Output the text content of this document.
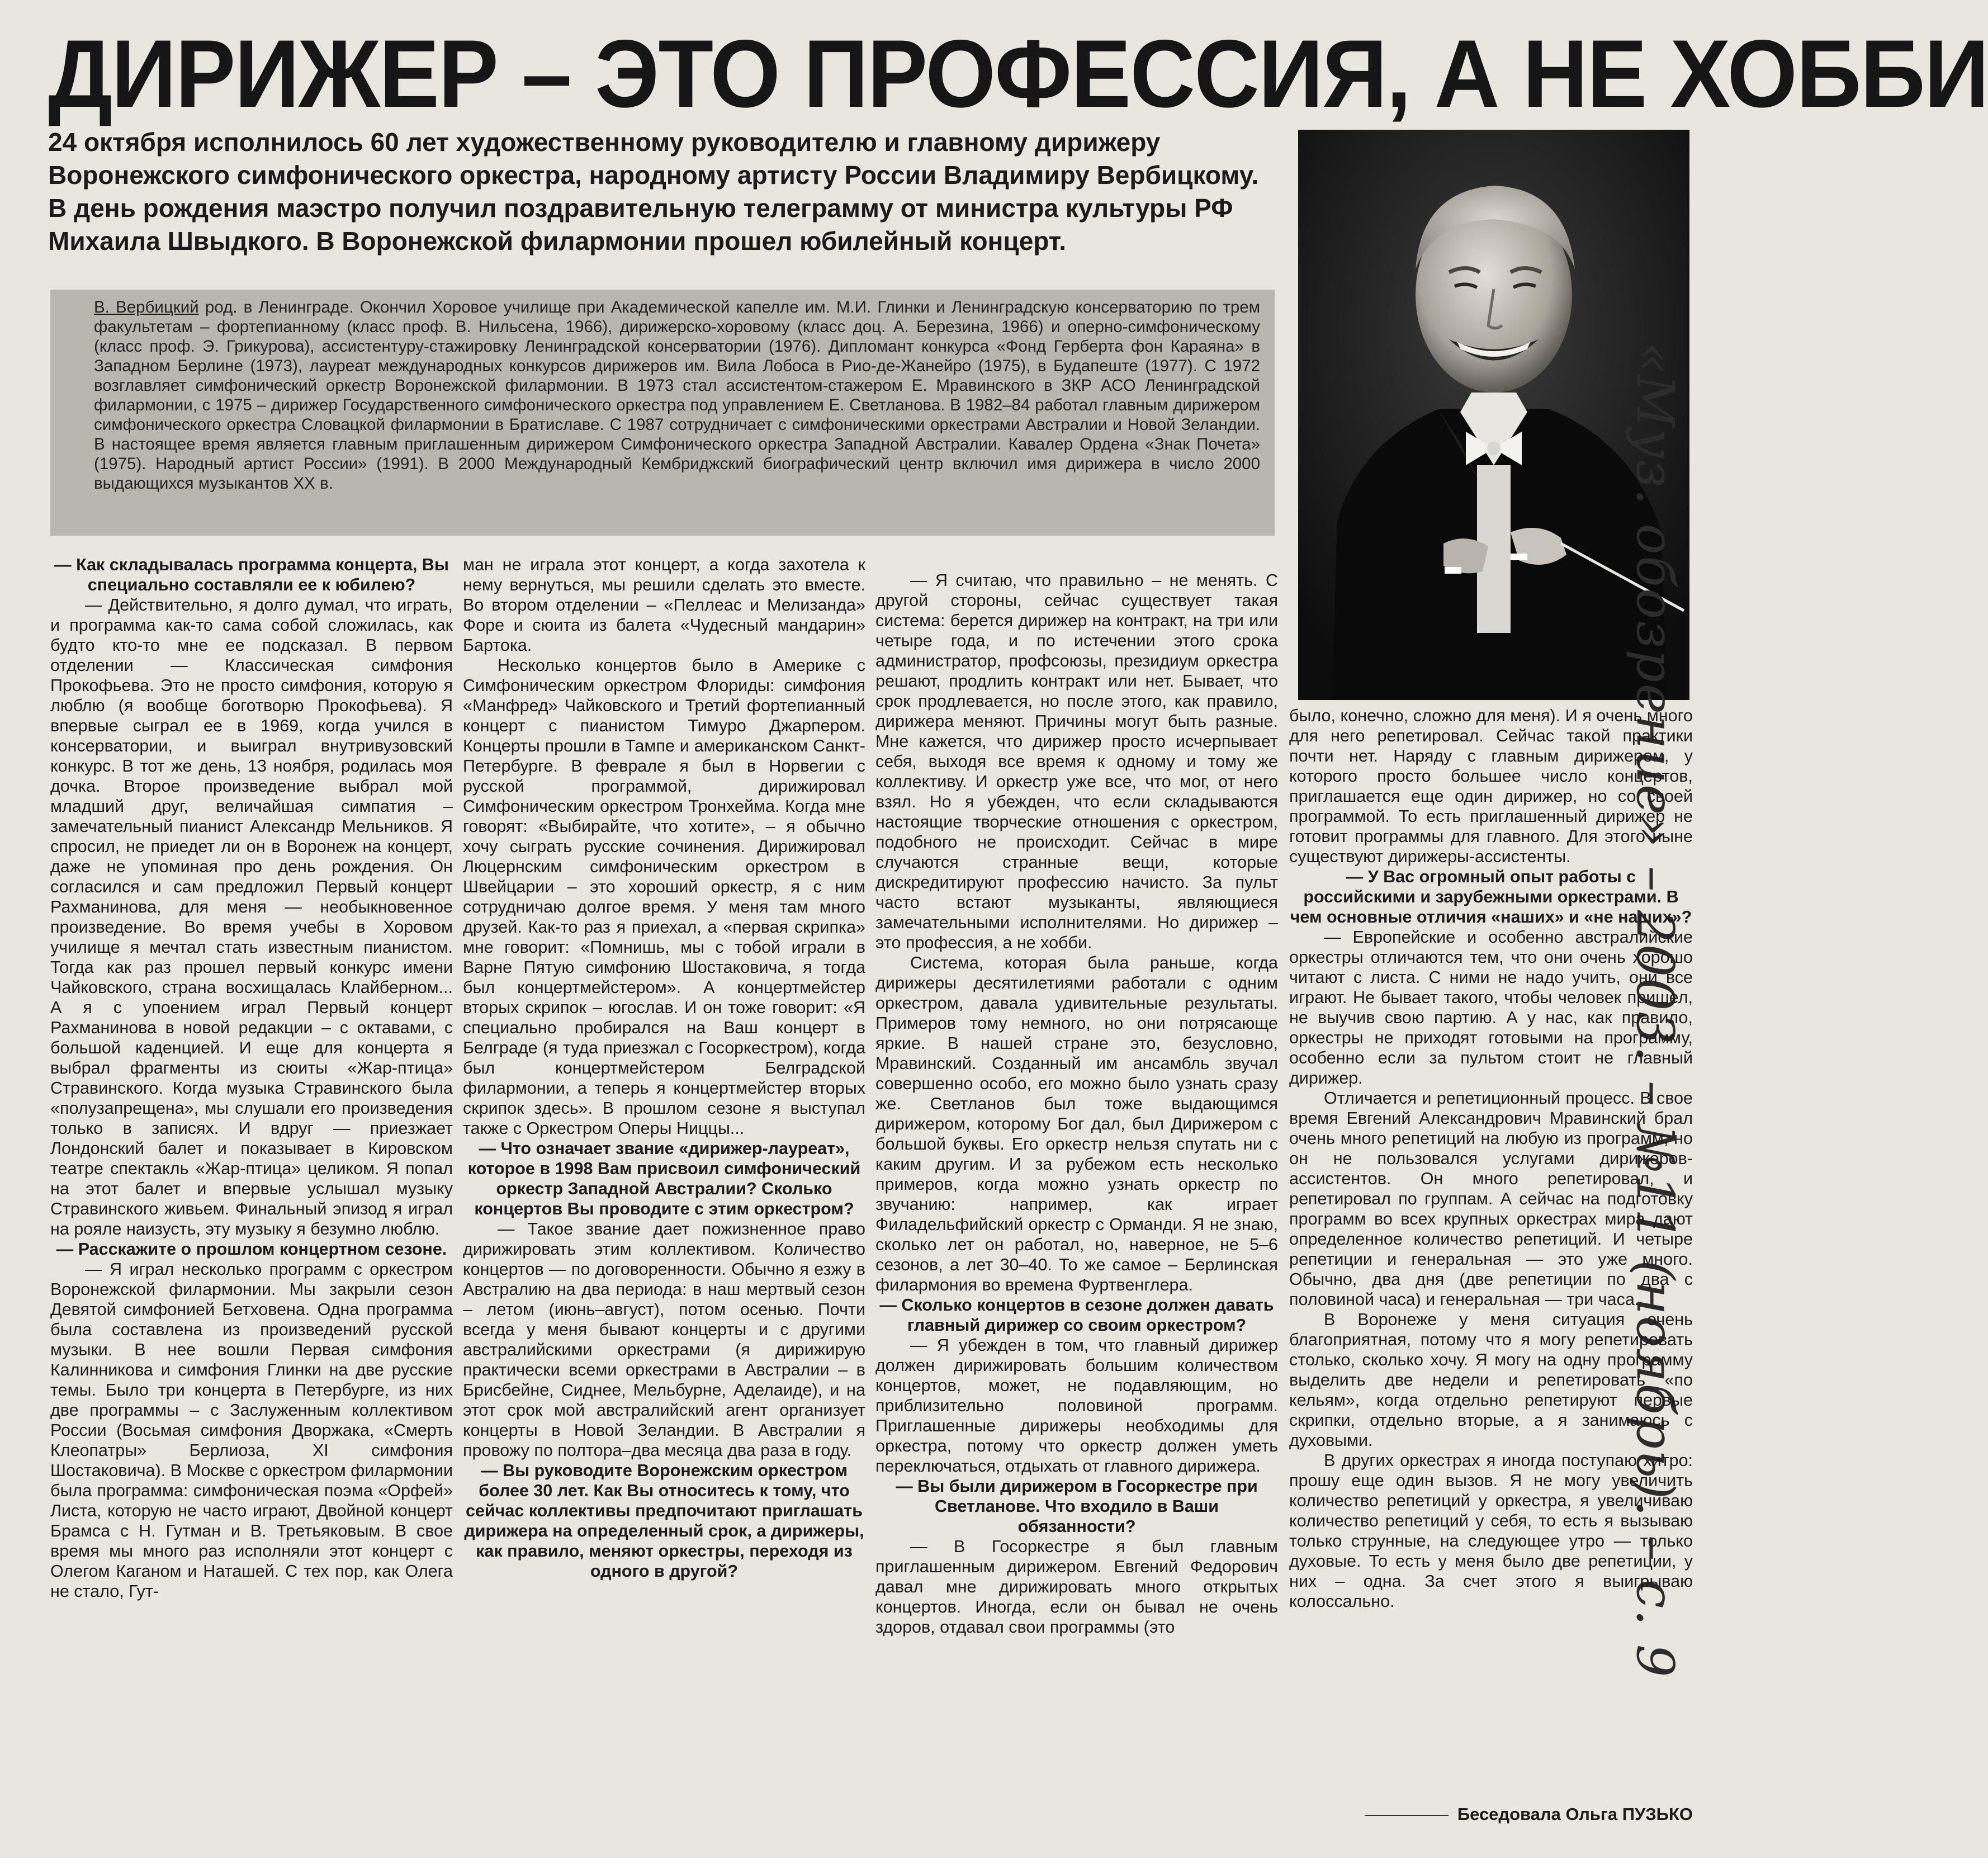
ДИРИЖЕР – ЭТО ПРОФЕССИЯ, А НЕ ХОББИ

24 октября исполнилось 60 лет художественному руководителю и главному дирижеру Воронежского симфонического оркестра, народному артисту России Владимиру Вербицкому. В день рождения маэстро получил поздравительную телеграмму от министра культуры РФ Михаила Швыдкого. В Воронежской филармонии прошел юбилейный концерт.

В. Вербицкий род. в Ленинграде. Окончил Хоровое училище при Академической капелле им. М.И. Глинки и Ленинградскую консерваторию по трем факультетам – фортепианному (класс проф. В. Нильсена, 1966), дирижерско-хоровому (класс доц. А. Березина, 1966) и оперно-симфоническому (класс проф. Э. Грикурова), ассистентуру-стажировку Ленинградской консерватории (1976). Дипломант конкурса «Фонд Герберта фон Караяна» в Западном Берлине (1973), лауреат международных конкурсов дирижеров им. Вила Лобоса в Рио-де-Жанейро (1975), в Будапеште (1977). С 1972 возглавляет симфонический оркестр Воронежской филармонии. В 1973 стал ассистентом-стажером Е. Мравинского в ЗКР АСО Ленинградской филармонии, с 1975 – дирижер Государственного симфонического оркестра под управлением Е. Светланова. В 1982–84 работал главным дирижером симфонического оркестра Словацкой филармонии в Братиславе. С 1987 сотрудничает с симфоническими оркестрами Австралии и Новой Зеландии. В настоящее время является главным приглашенным дирижером Симфонического оркестра Западной Австралии. Кавалер Ордена «Знак Почета» (1975). Народный артист России» (1991). В 2000 Международный Кембриджский биографический центр включил имя дирижера в число 2000 выдающихся музыкантов XX в.	«Муз. обозрение» – 2003. – №11 (ноябрь). – с. 9

— Как складывалась программа концерта, Вы специально составляли ее к юбилею?

— Действительно, я долго думал, что играть, и программа как-то сама собой сложилась, как будто кто-то мне ее подсказал. В первом отделении — Классическая симфония Прокофьева. Это не просто симфония, которую я люблю (я вообще боготворю Прокофьева). Я впервые сыграл ее в 1969, когда учился в консерватории, и выиграл внутривузовский конкурс. В тот же день, 13 ноября, родилась моя дочка. Второе произведение выбрал мой младший друг, величайшая симпатия – замечательный пианист Александр Мельников. Я спросил, не приедет ли он в Воронеж на концерт, даже не упоминая про день рождения. Он согласился и сам предложил Первый концерт Рахманинова, для меня — необыкновенное произведение. Во время учебы в Хоровом училище я мечтал стать известным пианистом. Тогда как раз прошел первый конкурс имени Чайковского, страна восхищалась Клайберном... А я с упоением играл Первый концерт Рахманинова в новой редакции – с октавами, с большой каденцией. И еще для концерта я выбрал фрагменты из сюиты «Жар-птица» Стравинского. Когда музыка Стравинского была «полузапрещена», мы слушали его произведения только в записях. И вдруг — приезжает Лондонский балет и показывает в Кировском театре спектакль «Жар-птица» целиком. Я попал на этот балет и впервые услышал музыку Стравинского живьем. Финальный эпизод я играл на рояле наизусть, эту музыку я безумно люблю.

— Расскажите о прошлом концертном сезоне.

— Я играл несколько программ с оркестром Воронежской филармонии. Мы закрыли сезон Девятой симфонией Бетховена. Одна программа была составлена из произведений русской музыки. В нее вошли Первая симфония Калинникова и симфония Глинки на две русские темы. Было три концерта в Петербурге, из них две программы – с Заслуженным коллективом России (Восьмая симфония Дворжака, «Смерть Клеопатры» Берлиоза, XI симфония Шостаковича). В Москве с оркестром филармонии была программа: симфоническая поэма «Орфей» Листа, которую не часто играют, Двойной концерт Брамса с Н. Гутман и В. Третьяковым. В свое время мы много раз исполняли этот концерт с Олегом Каганом и Наташей. С тех пор, как Олега не стало, Гут-

ман не играла этот концерт, а когда захотела к нему вернуться, мы решили сделать это вместе. Во втором отделении – «Пеллеас и Мелизанда» Форе и сюита из балета «Чудесный мандарин» Бартока.

Несколько концертов было в Америке с Симфоническим оркестром Флориды: симфония «Манфред» Чайковского и Третий фортепианный концерт с пианистом Тимуро Джарпером. Концерты прошли в Тампе и американском Санкт-Петербурге. В феврале я был в Норвегии с русской программой, дирижировал Симфоническим оркестром Тронхейма. Когда мне говорят: «Выбирайте, что хотите», – я обычно хочу сыграть русские сочинения. Дирижировал Люцернским симфоническим оркестром в Швейцарии – это хороший оркестр, я с ним сотрудничаю долгое время. У меня там много друзей. Как-то раз я приехал, а «первая скрипка» мне говорит: «Помнишь, мы с тобой играли в Варне Пятую симфонию Шостаковича, я тогда был концертмейстером». А концертмейстер вторых скрипок – югослав. И он тоже говорит: «Я специально пробирался на Ваш концерт в Белграде (я туда приезжал с Госоркестром), когда был концертмейстером Белградской филармонии, а теперь я концертмейстер вторых скрипок здесь». В прошлом сезоне я выступал также с Оркестром Оперы Ниццы...

— Что означает звание «дирижер-лауреат», которое в 1998 Вам присвоил симфонический оркестр Западной Австралии? Сколько концертов Вы проводите с этим оркестром?

— Такое звание дает пожизненное право дирижировать этим коллективом. Количество концертов — по договоренности. Обычно я езжу в Австралию на два периода: в наш мертвый сезон – летом (июнь–август), потом осенью. Почти всегда у меня бывают концерты и с другими австралийскими оркестрами (я дирижирую практически всеми оркестрами в Австралии – в Брисбейне, Сиднее, Мельбурне, Аделаиде), и на этот срок мой австралийский агент организует концерты в Новой Зеландии. В Австралии я провожу по полтора–два месяца два раза в году.

— Вы руководите Воронежским оркестром более 30 лет. Как Вы относитесь к тому, что сейчас коллективы предпочитают приглашать дирижера на определенный срок, а дирижеры, как правило, меняют оркестры, переходя из одного в другой?

— Я считаю, что правильно – не менять. С другой стороны, сейчас существует такая система: берется дирижер на контракт, на три или четыре года, и по истечении этого срока администратор, профсоюзы, президиум оркестра решают, продлить контракт или нет. Бывает, что срок продлевается, но после этого, как правило, дирижера меняют. Причины могут быть разные. Мне кажется, что дирижер просто исчерпывает себя, выходя все время к одному и тому же коллективу. И оркестр уже все, что мог, от него взял. Но я убежден, что если складываются настоящие творческие отношения с оркестром, подобного не происходит. Сейчас в мире случаются странные вещи, которые дискредитируют профессию начисто. За пульт часто встают музыканты, являющиеся замечательными исполнителями. Но дирижер – это профессия, а не хобби.

Система, которая была раньше, когда дирижеры десятилетиями работали с одним оркестром, давала удивительные результаты. Примеров тому немного, но они потрясающе яркие. В нашей стране это, безусловно, Мравинский. Созданный им ансамбль звучал совершенно особо, его можно было узнать сразу же. Светланов был тоже выдающимся дирижером, которому Бог дал, был Дирижером с большой буквы. Его оркестр нельзя спутать ни с каким другим. И за рубежом есть несколько примеров, когда можно узнать оркестр по звучанию: например, как играет Филадельфийский оркестр с Орманди. Я не знаю, сколько лет он работал, но, наверное, не 5–6 сезонов, а лет 30–40. То же самое – Берлинская филармония во времена Фуртвенглера.

— Сколько концертов в сезоне должен давать главный дирижер со своим оркестром?

— Я убежден в том, что главный дирижер должен дирижировать большим количеством концертов, может, не подавляющим, но приблизительно половиной программ. Приглашенные дирижеры необходимы для оркестра, потому что оркестр должен уметь переключаться, отдыхать от главного дирижера.

— Вы были дирижером в Госоркестре при Светланове. Что входило в Ваши обязанности?

— В Госоркестре я был главным приглашенным дирижером. Евгений Федорович давал мне дирижировать много открытых концертов. Иногда, если он бывал не очень здоров, отдавал свои программы (это

было, конечно, сложно для меня). И я очень много для него репетировал. Сейчас такой практики почти нет. Наряду с главным дирижером, у которого просто большее число концертов, приглашается еще один дирижер, но со своей программой. То есть приглашенный дирижер не готовит программы для главного. Для этого ныне существуют дирижеры-ассистенты.

— У Вас огромный опыт работы с российскими и зарубежными оркестрами. В чем основные отличия «наших» и «не наших»?

— Европейские и особенно австралийские оркестры отличаются тем, что они очень хорошо читают с листа. С ними не надо учить, они все играют. Не бывает такого, чтобы человек пришел, не выучив свою партию. А у нас, как правило, оркестры не приходят готовыми на программу, особенно если за пультом стоит не главный дирижер.

Отличается и репетиционный процесс. В свое время Евгений Александрович Мравинский брал очень много репетиций на любую из программ, но он не пользовался услугами дирижеров-ассистентов. Он много репетировал, и репетировал по группам. А сейчас на подготовку программ во всех крупных оркестрах мира дают определенное количество репетиций. И четыре репетиции и генеральная — это уже много. Обычно, два дня (две репетиции по два с половиной часа) и генеральная — три часа.

В Воронеже у меня ситуация очень благоприятная, потому что я могу репетировать столько, сколько хочу. Я могу на одну программу выделить две недели и репетировать «по кельям», когда отдельно репетируют первые скрипки, отдельно вторые, а я занимаюсь с духовыми.

В других оркестрах я иногда поступаю хитро: прошу еще один вызов. Я не могу увеличить количество репетиций у оркестра, я увеличиваю количество репетиций у себя, то есть я вызываю только струнные, на следующее утро — только духовые. То есть у меня было две репетиции, у них – одна. За счет этого я выигрываю колоссально.

Беседовала Ольга ПУЗЬКО
